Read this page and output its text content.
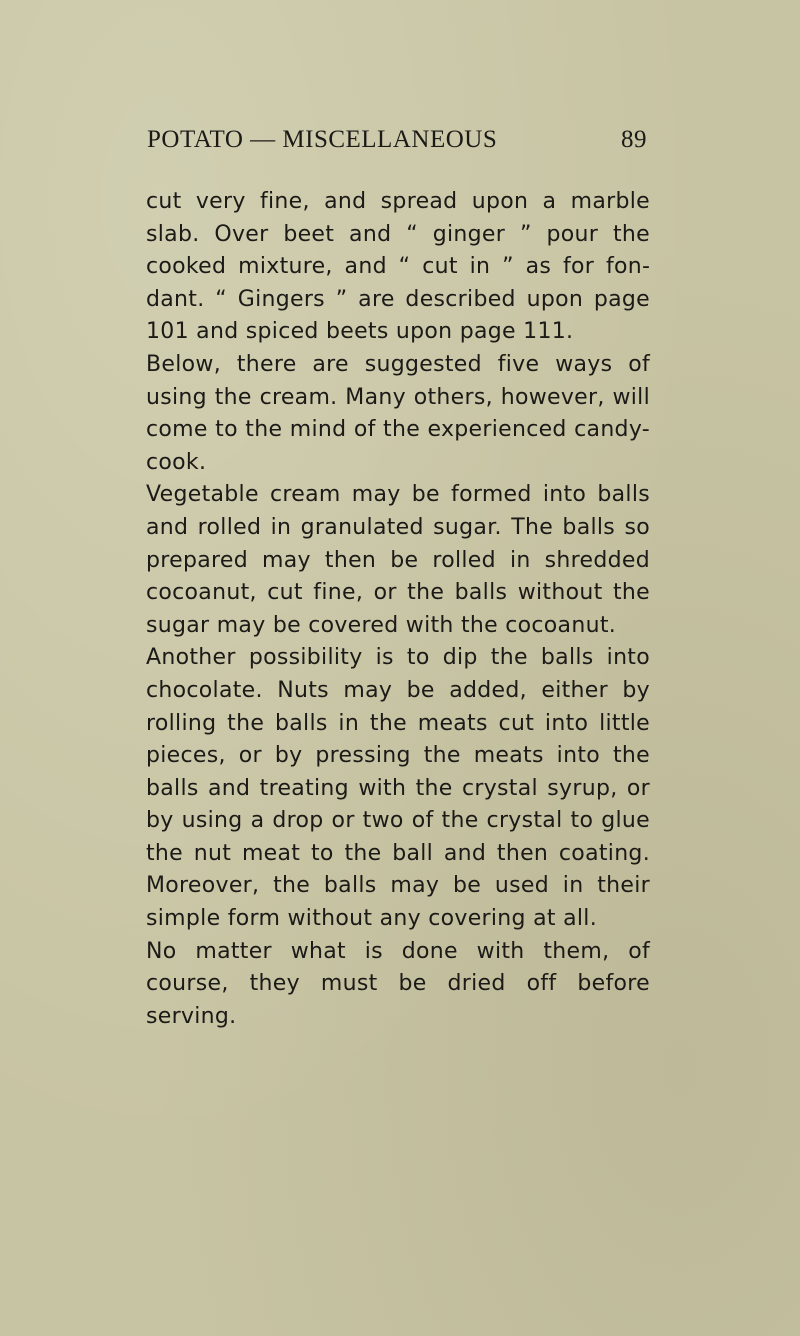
POTATO — MISCELLANEOUS	89

cut very fine, and spread upon a marble slab. Over beet and “ ginger ” pour the cooked mixture, and “ cut in ” as for fondant. “ Gingers ” are described upon page 101 and spiced beets upon page 111.

Below, there are suggested five ways of using the cream. Many others, however, will come to the mind of the experienced candy-cook.

Vegetable cream may be formed into balls and rolled in granulated sugar. The balls so prepared may then be rolled in shredded cocoanut, cut fine, or the balls without the sugar may be covered with the cocoanut.

Another possibility is to dip the balls into chocolate. Nuts may be added, either by rolling the balls in the meats cut into little pieces, or by pressing the meats into the balls and treating with the crystal syrup, or by using a drop or two of the crystal to glue the nut meat to the ball and then coating. Moreover, the balls may be used in their simple form without any covering at all.

No matter what is done with them, of course, they must be dried off before serving.
